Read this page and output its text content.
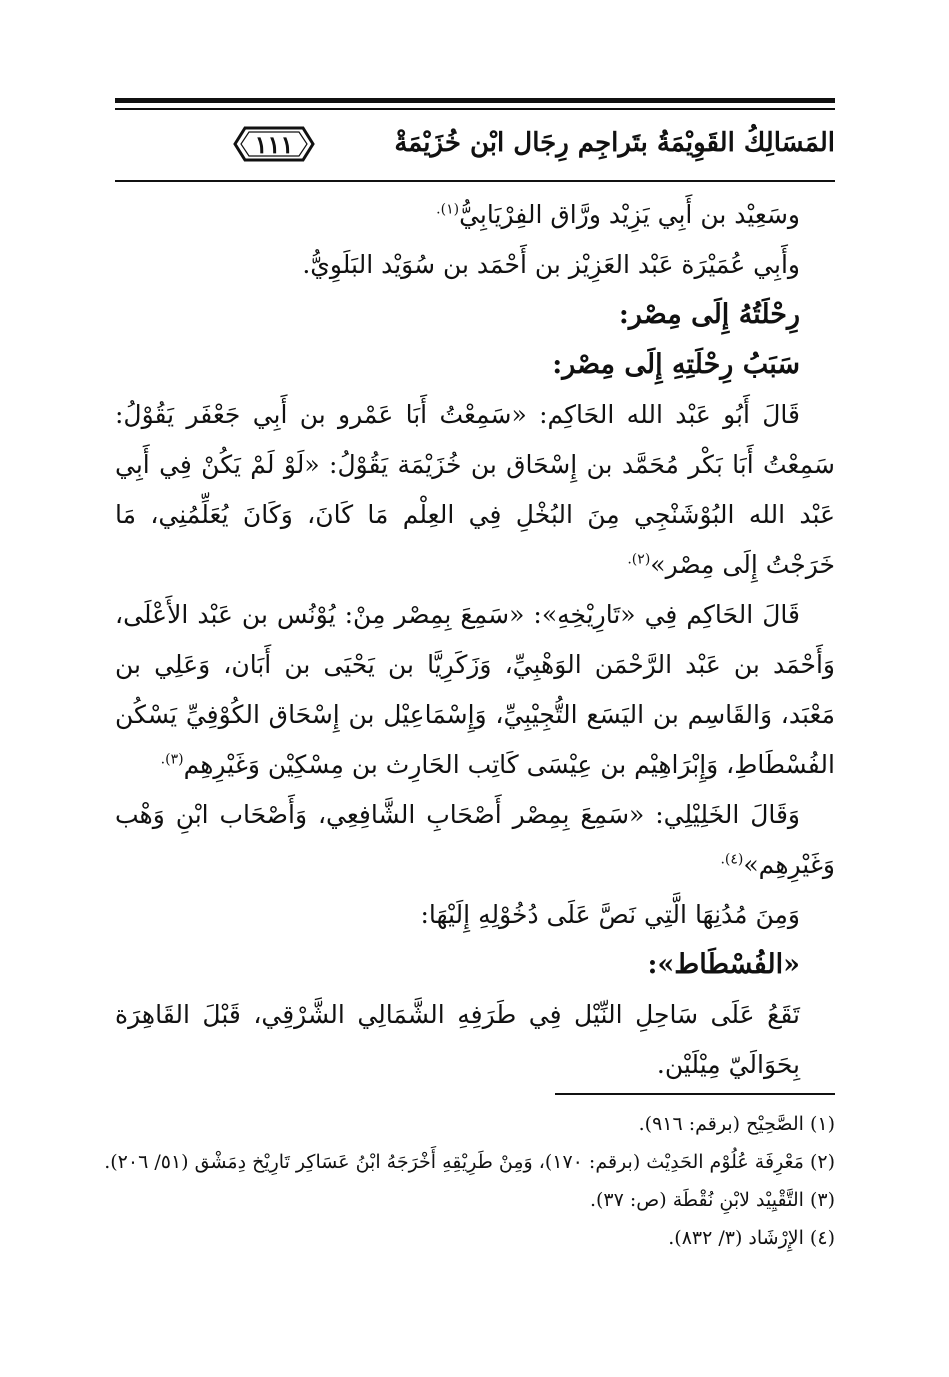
المَسَالِكُ القَوِيْمَةُ بتَراجِم رِجَال ابْن خُزَيْمَةْ
١١١

وسَعِيْد بن أَبِي يَزِيْد ورَّاق الفِرْيَابِيُّ$^{(١).}$

وأَبِي عُمَيْرَة عَبْد العَزِيْز بن أَحْمَد بن سُوَيْد البَلَوِيُّ.

رِحْلَتُهُ إِلَى مِصْر:

سَبَبُ رِحْلَتِهِ إِلَى مِصْر:

قَالَ أَبُو عَبْد الله الحَاكِم: «سَمِعْتُ أَبَا عَمْرو بن أَبِي جَعْفَر يَقُوْلُ: سَمِعْتُ أَبَا بَكْر مُحَمَّد بن إِسْحَاق بن خُزَيْمَة يَقُوْلُ: «لَوْ لَمْ يَكُنْ فِي أَبِي عَبْد الله البُوْشَنْجِي مِنَ البُخْلِ فِي العِلْم مَا كَانَ، وَكَانَ يُعَلِّمُنِي، مَا خَرَجْتُ إِلَى مِصْر»$^{(٢).}$

قَالَ الحَاكِم فِي «تَارِيْخِهِ»: «سَمِعَ بِمِصْر مِنْ: يُوْنُس بن عَبْد الأَعْلَى، وَأَحْمَد بن عَبْد الرَّحْمَن الوَهْبِيِّ، وَزَكَرِيَّا بن يَحْيَى بن أَبَان، وَعَلِي بن مَعْبَد، وَالقَاسِم بن اليَسَع التُّجِيْبِيِّ، وَإِسْمَاعِيْل بن إِسْحَاق الكُوْفِيِّ يَسْكُن الفُسْطَاطِ، وَإِبْرَاهِيْم بن عِيْسَى كَاتِب الحَارِث بن مِسْكِيْن وَغَيْرِهِم$^{(٣).}$

وَقَالَ الخَلِيْلِي: «سَمِعَ بِمِصْر أَصْحَابِ الشَّافِعِي، وَأَصْحَاب ابْنِ وَهْب وَغَيْرِهِم»$^{(٤).}$

وَمِنَ مُدُنِهَا الَّتِي نَصَّ عَلَى دُخُوْلِهِ إِلَيْهَا:

«الفُسْطَاط»:

تَقَعُ عَلَى سَاحِلِ النِّيْل فِي طَرَفِهِ الشَّمَالِي الشَّرْقِي، قَبْلَ القَاهِرَة بِحَوَالَيّ مِيْلَيْن.

(١) الصَّحِيْح (برقم: ٩١٦).

(٢) مَعْرِفَة عُلُوْم الحَدِيْث (برقم: ١٧٠)، وَمِنْ طَرِيْقِهِ أَخْرَجَهُ ابْنُ عَسَاكِر تَارِيْخ دِمَشْق (٥١/ ٢٠٦).

(٣) التَّقْيِيْد لابْنِ نُقْطَة (ص: ٣٧).

(٤) الإِرْشَاد (٣/ ٨٣٢).
